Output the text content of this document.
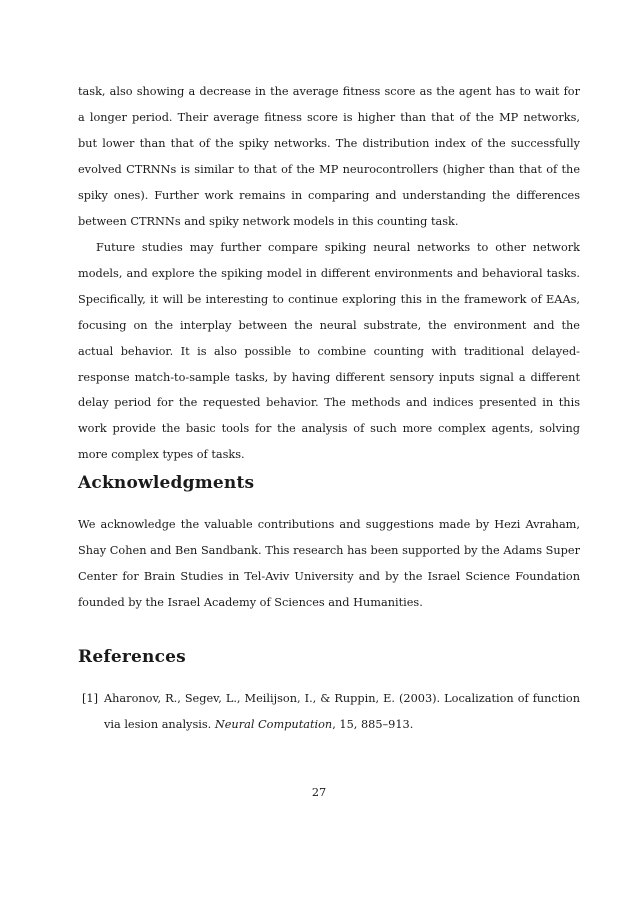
task, also showing a decrease in the average fitness score as the agent has to wait for a longer period. Their average fitness score is higher than that of the MP networks, but lower than that of the spiky networks. The distribution index of the successfully evolved CTRNNs is similar to that of the MP neurocontrollers (higher than that of the spiky ones). Further work remains in comparing and understanding the differences between CTRNNs and spiky network models in this counting task.

Future studies may further compare spiking neural networks to other network models, and explore the spiking model in different environments and behavioral tasks. Specifically, it will be interesting to continue exploring this in the framework of EAAs, focusing on the interplay between the neural substrate, the environment and the actual behavior. It is also possible to combine counting with traditional delayed-response match-to-sample tasks, by having different sensory inputs signal a different delay period for the requested behavior. The methods and indices presented in this work provide the basic tools for the analysis of such more complex agents, solving more complex types of tasks.

Acknowledgments

We acknowledge the valuable contributions and suggestions made by Hezi Avraham, Shay Cohen and Ben Sandbank. This research has been supported by the Adams Super Center for Brain Studies in Tel-Aviv University and by the Israel Science Foundation founded by the Israel Academy of Sciences and Humanities.

References
[1] Aharonov, R., Segev, L., Meilijson, I., & Ruppin, E. (2003). Localization of function via lesion analysis. Neural Computation, 15, 885–913.
27
